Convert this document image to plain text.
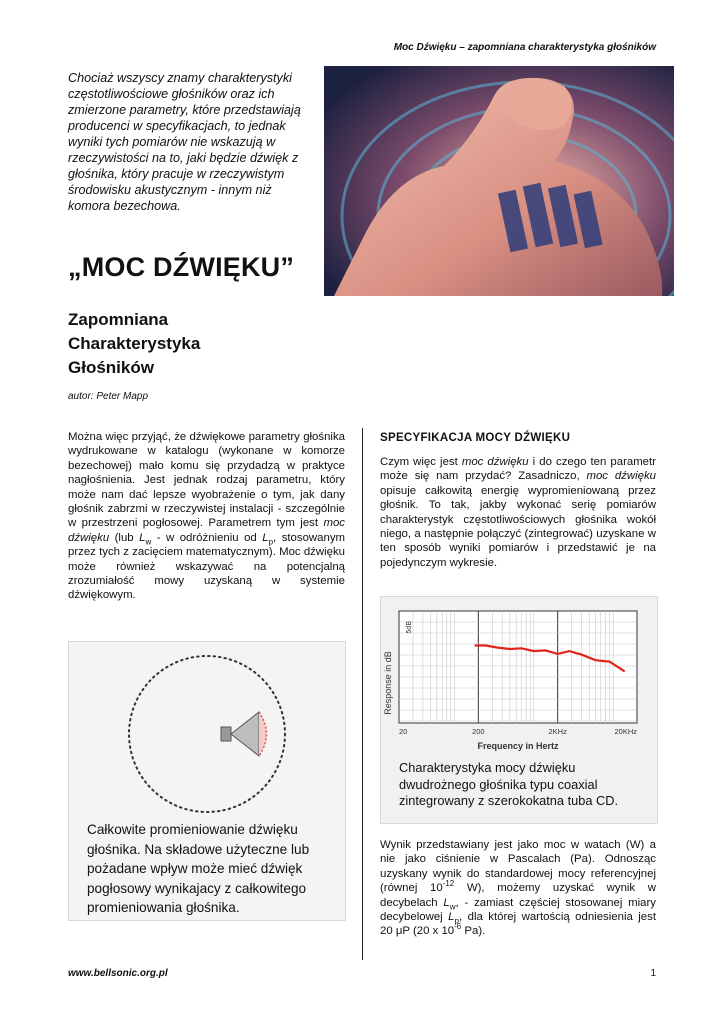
Moc Dźwięku – zapomniana charakterystyka głośników
Chociaż wszyscy znamy charakterystyki częstotliwościowe głośników oraz ich zmierzone parametry, które przedstawiają producenci w specyfikacjach, to jednak wyniki tych pomiarów nie wskazują w rzeczywistości na to, jaki będzie dźwięk z głośnika, który pracuje w rzeczywistym środowisku akustycznym - innym niż komora bezechowa.
„MOC DŹWIĘKU”
Zapomniana Charakterystyka Głośników
autor: Peter Mapp
Można więc przyjąć, że dźwiękowe parametry głośnika wydrukowane w katalogu (wykonane w komorze bezechowej) mało komu się przydadzą w praktyce nagłośnienia. Jest jednak rodzaj parametru, który może nam dać lepsze wyobrażenie o tym, jak dany głośnik zabrzmi w rzeczywistej instalacji - szczególnie w przestrzeni pogłosowej. Parametrem tym jest moc dźwięku (lub $L_w$ - w odróżnieniu od $L_p$, stosowanym przez tych z zacięciem matematycznym). Moc dźwięku może również wskazywać na potencjalną zrozumiałość mowy uzyskaną w systemie dźwiękowym.
Całkowite promieniowanie dźwięku głośnika. Na składowe użyteczne lub pożadane wpływ może mieć dźwięk pogłosowy wynikajacy z całkowitego promieniowania głośnika.
SPECYFIKACJA MOCY DŹWIĘKU
Czym więc jest moc dźwięku i do czego ten parametr może się nam przydać? Zasadniczo, moc dźwięku opisuje całkowitą energię wypromieniowaną przez głośnik. To tak, jakby wykonać serię pomiarów charakterystyk częstotliwościowych głośnika wokół niego, a następnie połączyć (zintegrować) uzyskane w ten sposób wyniki pomiarów i przedstawić je na pojedynczym wykresie.
20	200	2KHz	20KHz
5dB
Response in dB
Frequency in Hertz
Charakterystyka mocy dźwięku dwudrożnego głośnika typu coaxial zintegrowany z szerokokatna tuba CD.
Wynik przedstawiany jest jako moc w watach (W) a nie jako ciśnienie w Pascalach (Pa). Odnosząc uzyskany wynik do standardowej mocy referencyjnej (równej $10^{-12}$ W), możemy uzyskać wynik w decybelach $L_w$, - zamiast częściej stosowanej miary decybelowej $L_p$, dla której wartością odniesienia jest 20 μP (20 x $10^{-6}$ Pa).
www.bellsonic.org.pl	1
